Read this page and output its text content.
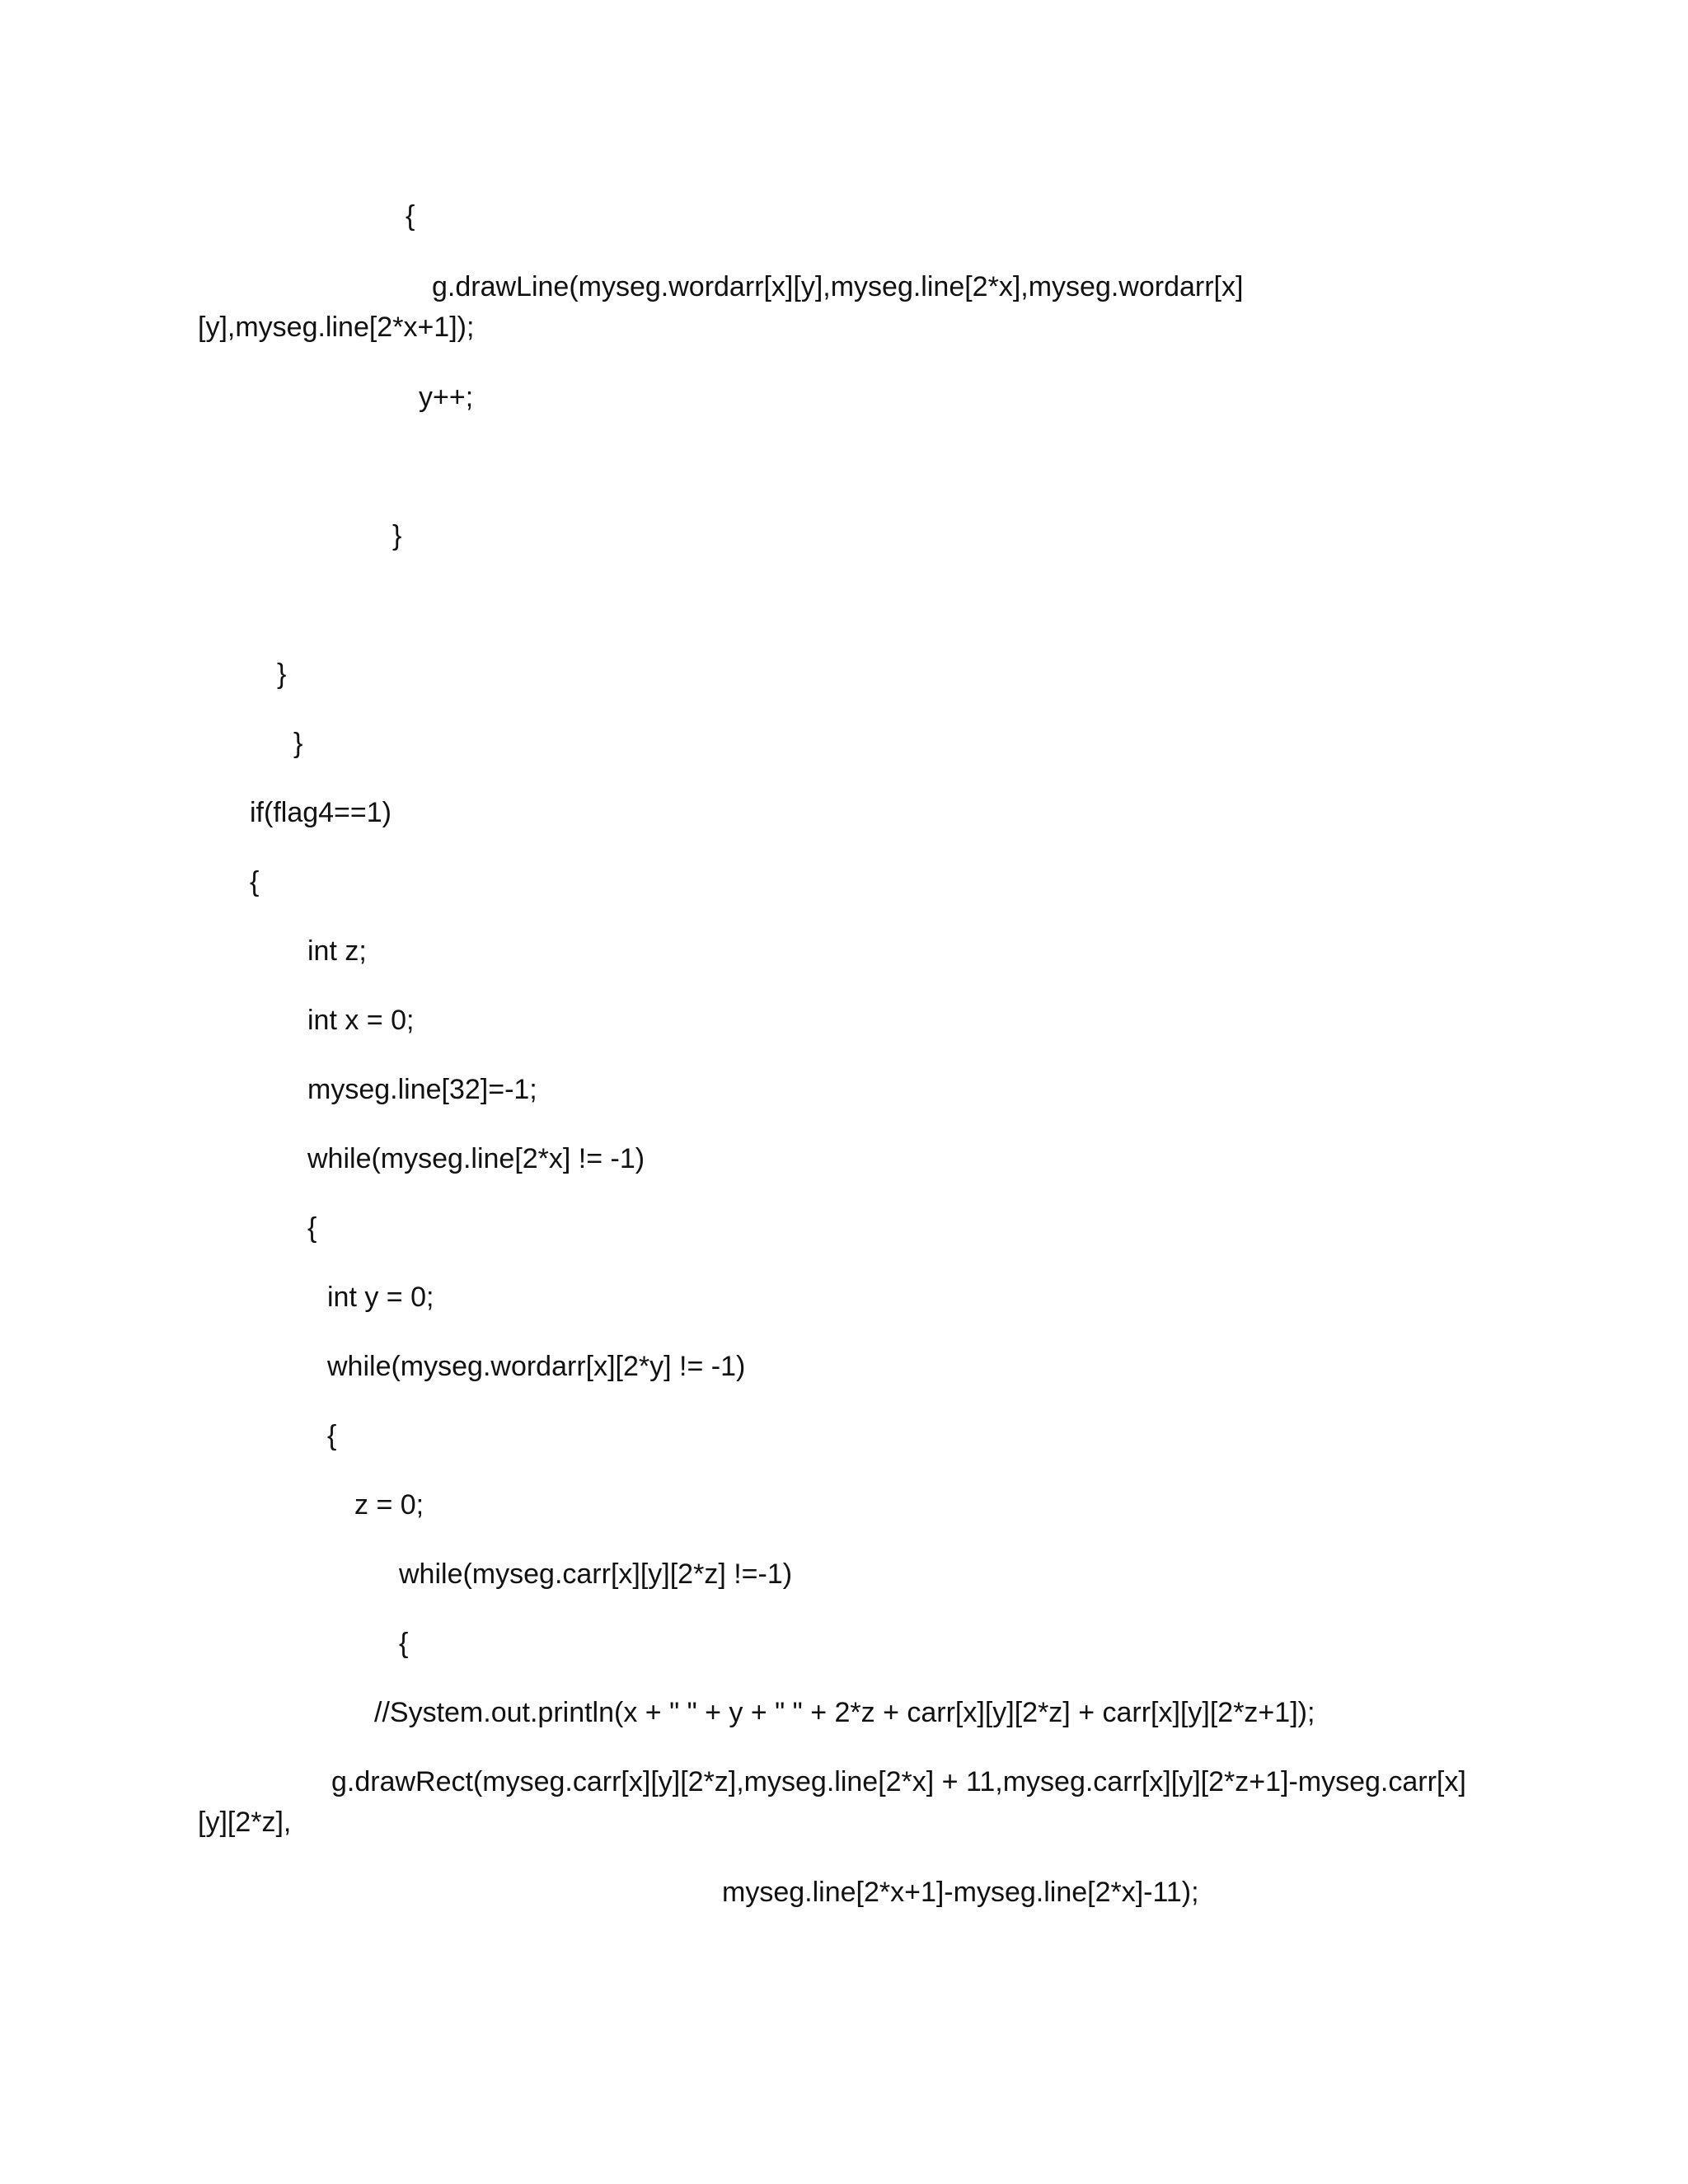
{
g.drawLine(myseg.wordarr[x][y],myseg.line[2*x],myseg.wordarr[x]
[y],myseg.line[2*x+1]);
y++;
}
}
}
if(flag4==1)
{
int z;
int x = 0;
myseg.line[32]=-1;
while(myseg.line[2*x] != -1)
{
int y = 0;
while(myseg.wordarr[x][2*y] != -1)
{
z = 0;
while(myseg.carr[x][y][2*z] !=-1)
{
//System.out.println(x + " " + y + " " + 2*z + carr[x][y][2*z] + carr[x][y][2*z+1]);
g.drawRect(myseg.carr[x][y][2*z],myseg.line[2*x] + 11,myseg.carr[x][y][2*z+1]-myseg.carr[x]
[y][2*z],
myseg.line[2*x+1]-myseg.line[2*x]-11);
